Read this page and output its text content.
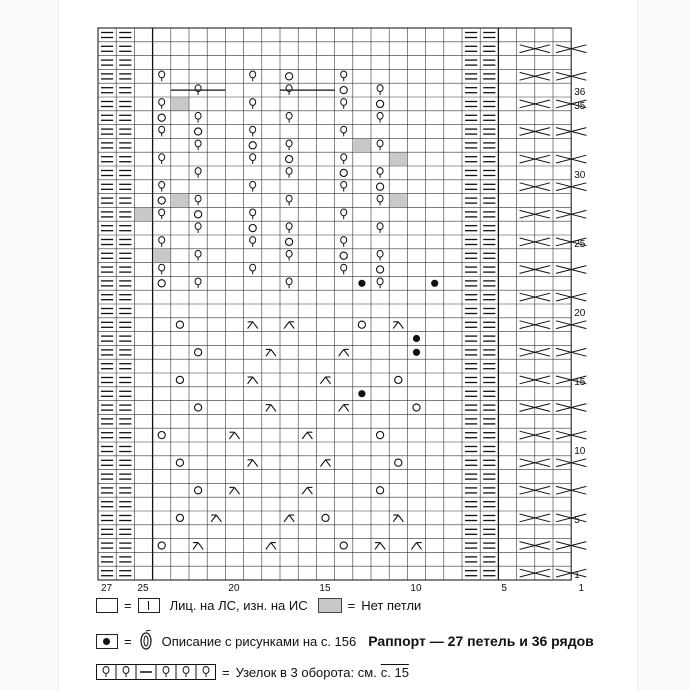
27	25	20	15	10	5	1
36
35
30
25
20
15
10
5
1
=	Лиц. на ЛС, изн. на ИС	= Нет петли
= Описание с рисунками на с. 156 Раппорт — 27 петель и 36 рядов
= Узелок в 3 оборота: см. с. 15
